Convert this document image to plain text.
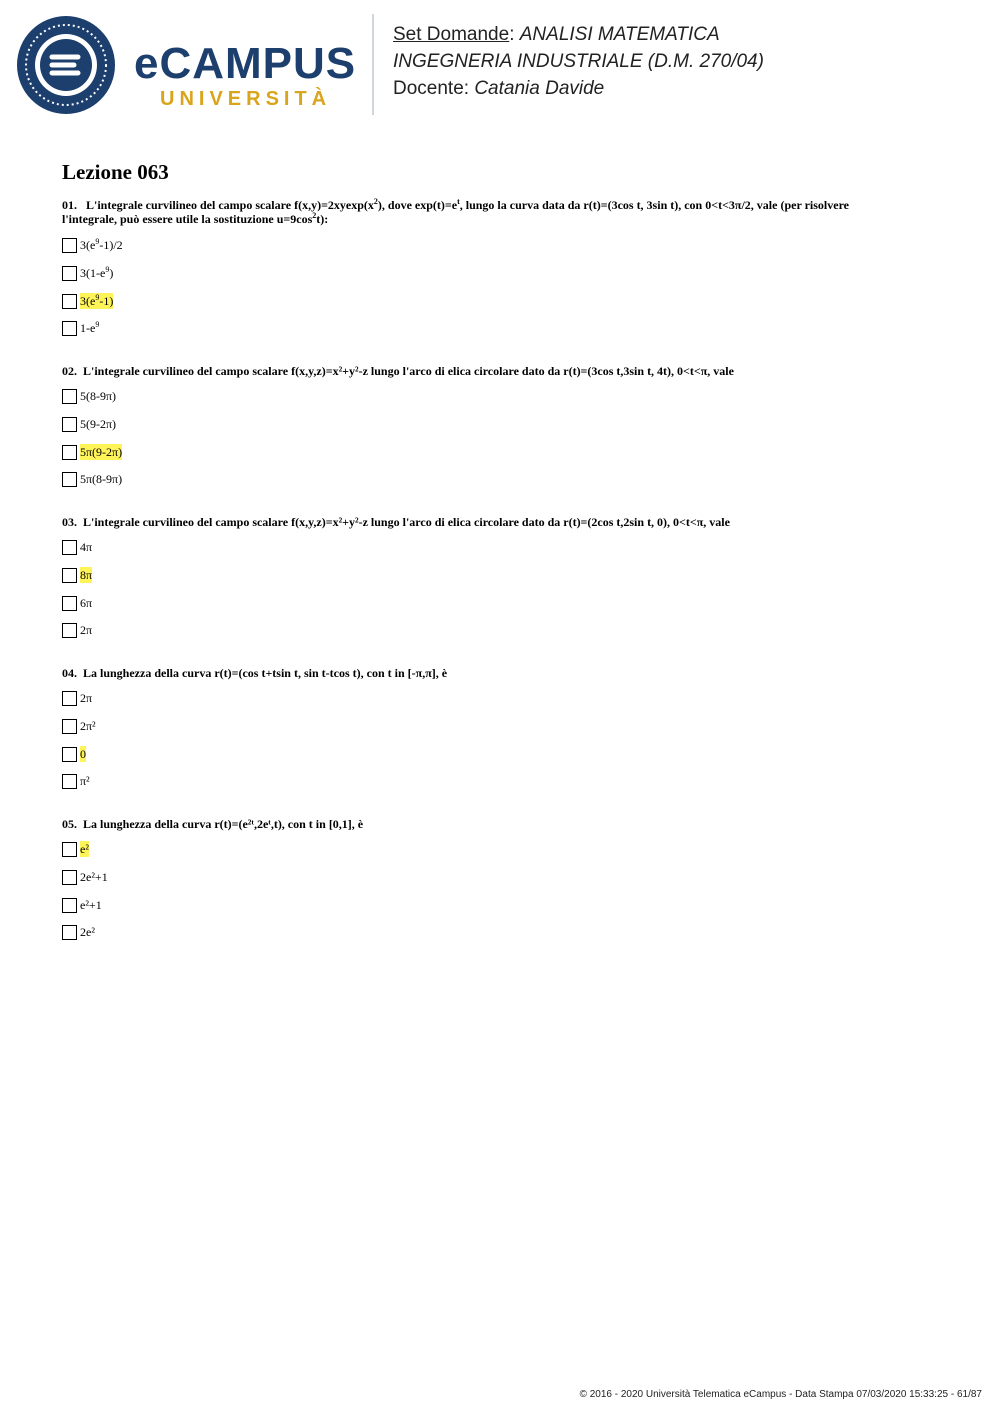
eCAMPUS
UNIVERSITÀ
Set Domande: ANALISI MATEMATICA
INGEGNERIA INDUSTRIALE (D.M. 270/04)
Docente: Catania Davide
Lezione 063
01. L'integrale curvilineo del campo scalare $f(x,y)=2xyexp(x^2)$, dove $\exp(t)=e^t$, lungo la curva data da r(t)=(3cos t, 3sin t), con 0<t<3π/2, vale (per risolvere
l'integrale, può essere utile la sostituzione $u=9\cos^2t$):
$3(e^9-1)/2$
$3(1-e^9)$
$3(e^9-1)$
$1-e^9$
02. L'integrale curvilineo del campo scalare f(x,y,z)=x²+y²-z lungo l'arco di elica circolare dato da r(t)=(3cos t,3sin t, 4t), 0<t<π, vale
5(8-9π)
5(9-2π)
5π(9-2π)
5π(8-9π)
03. L'integrale curvilineo del campo scalare f(x,y,z)=x²+y²-z lungo l'arco di elica circolare dato da r(t)=(2cos t,2sin t, 0), 0<t<π, vale
4π
8π
6π
2π
04. La lunghezza della curva r(t)=(cos t+tsin t, sin t-tcos t), con t in [-π,π], è
2π
2π²
0
π²
05. La lunghezza della curva r(t)=(e²ᵗ,2eᵗ,t), con t in [0,1], è
e²
2e²+1
e²+1
2e²
© 2016 - 2020 Università Telematica eCampus - Data Stampa 07/03/2020 15:33:25 - 61/87
